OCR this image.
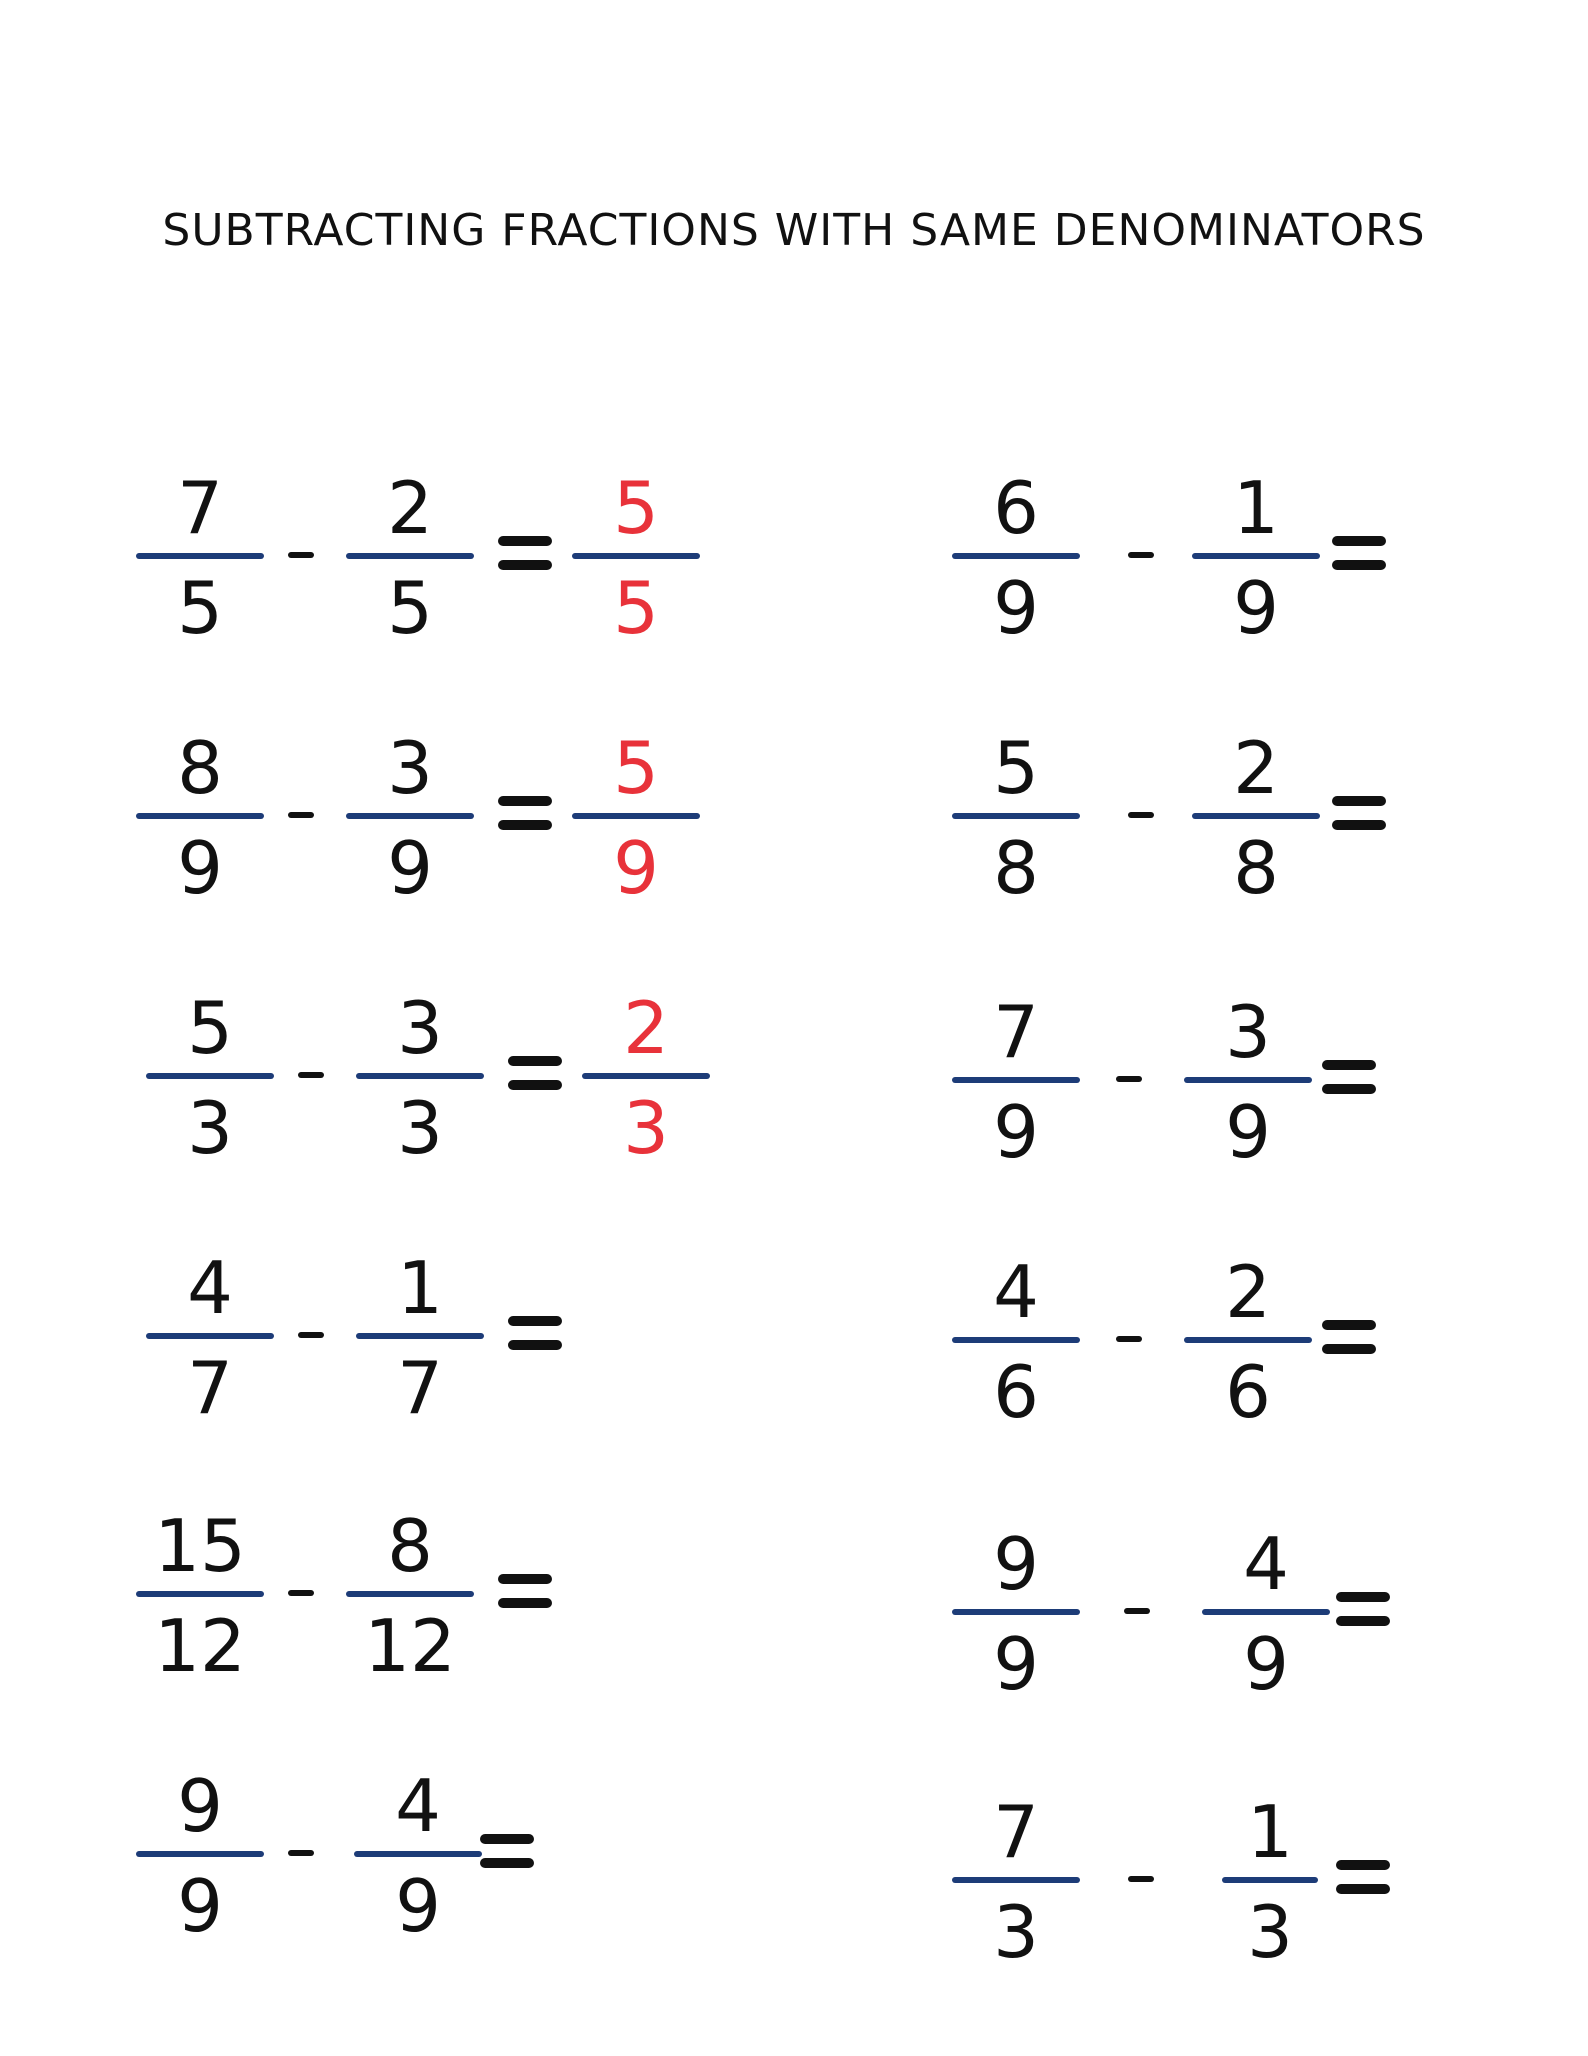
SUBTRACTING FRACTIONS WITH SAME DENOMINATORS
7
5
2
5
5
5
8
9
3
9
5
9
5
3
3
3
2
3
4
7
1
7
15
12
8
12
9
9
4
9
6
9
1
9
5
8
2
8
7
9
3
9
4
6
2
6
9
9
4
9
7
3
1
3
